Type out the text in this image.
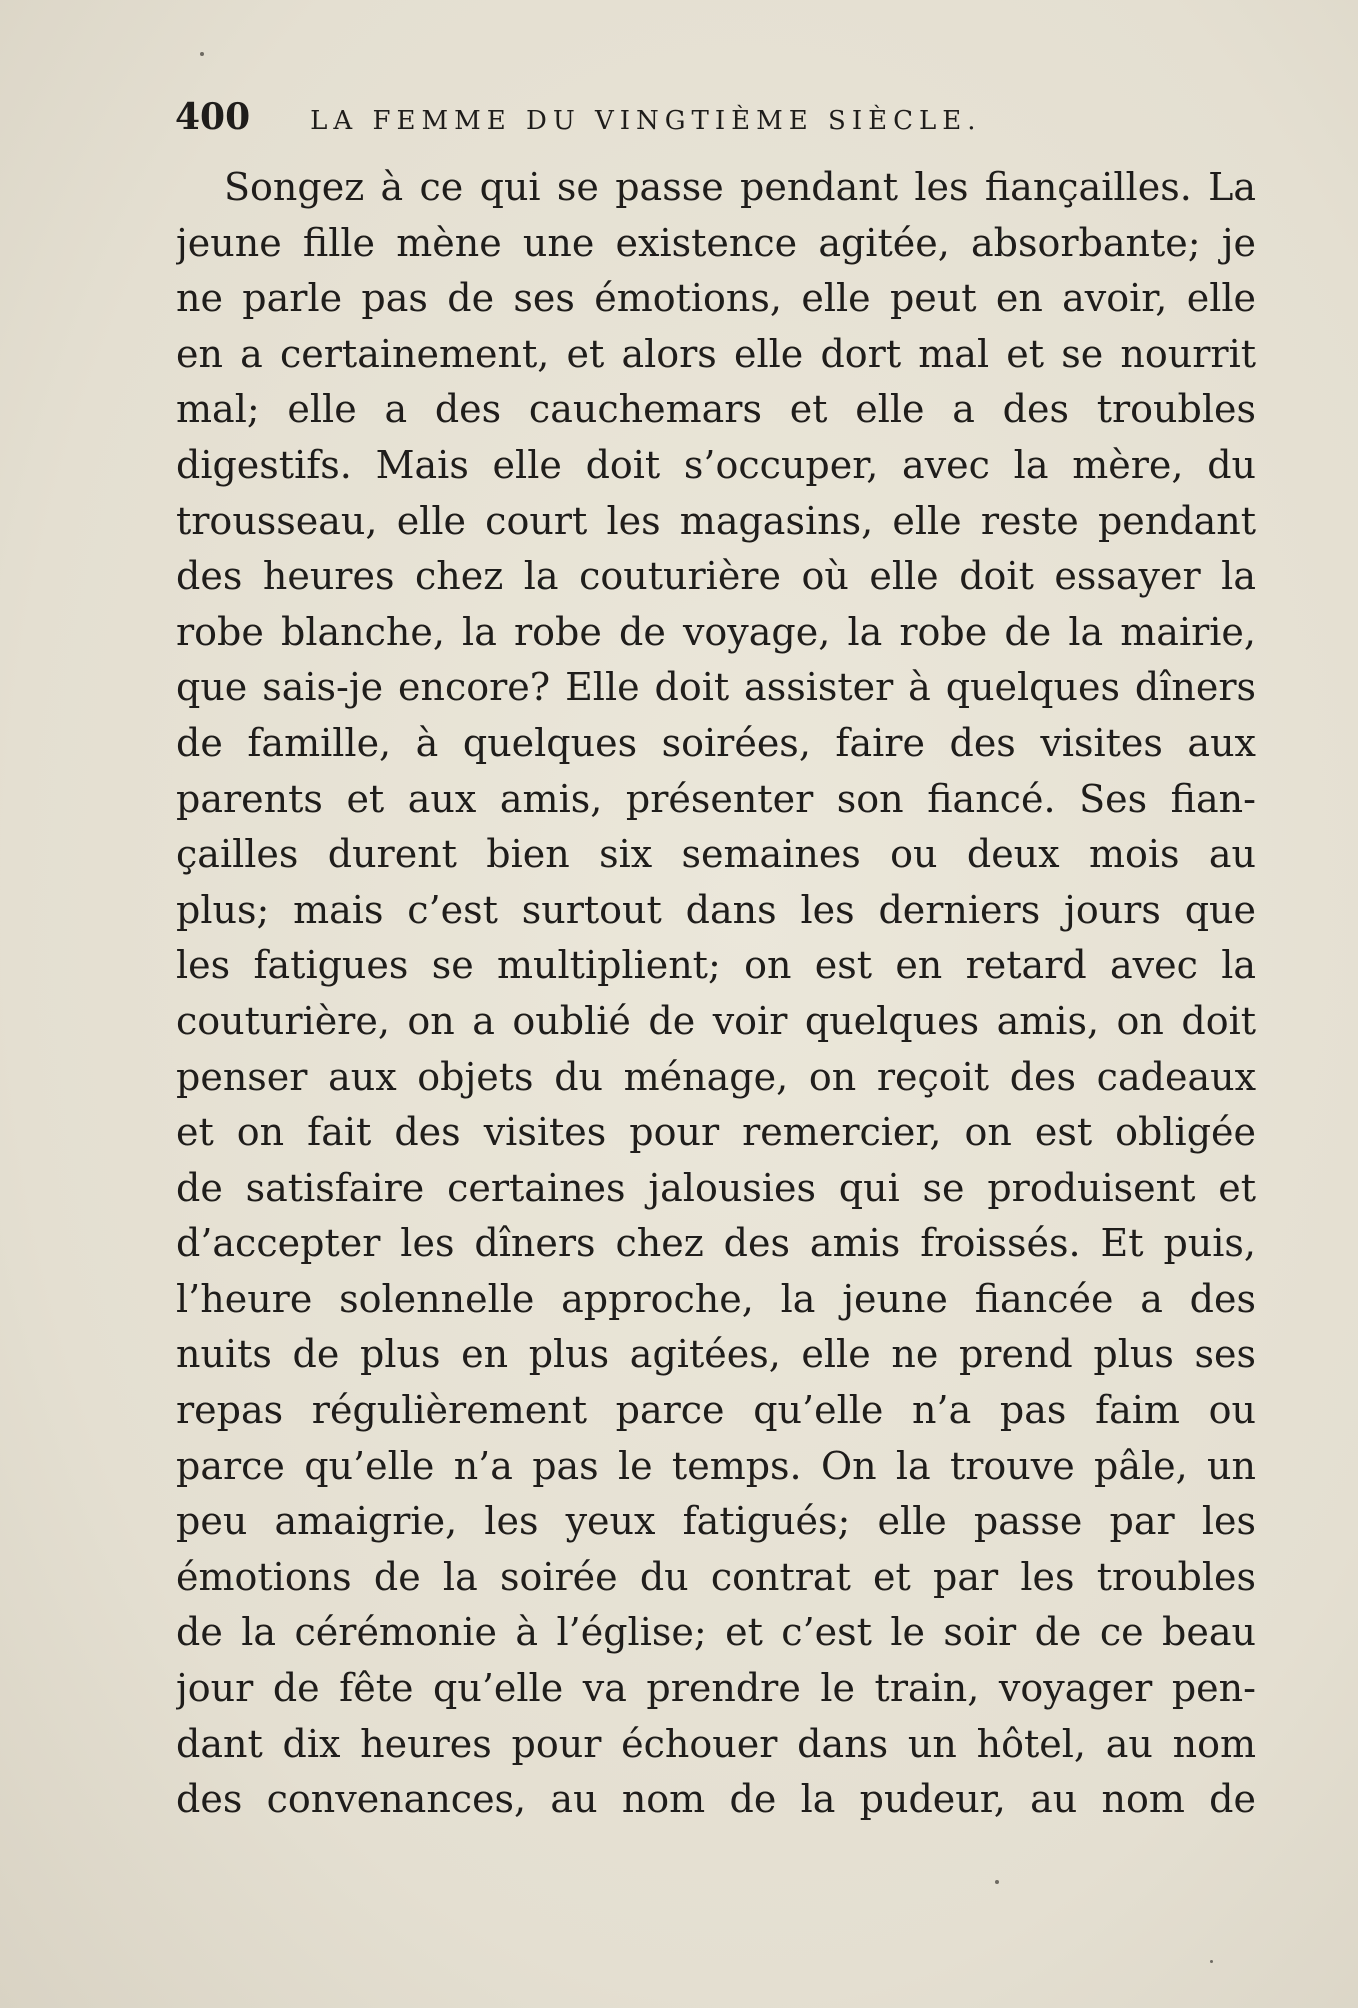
400 LA FEMME DU VINGTIÈME SIÈCLE.
Songez à ce qui se passe pendant les fiançailles. La
jeune fille mène une existence agitée, absorbante; je
ne parle pas de ses émotions, elle peut en avoir, elle
en a certainement, et alors elle dort mal et se nourrit
mal; elle a des cauchemars et elle a des troubles
digestifs. Mais elle doit s’occuper, avec la mère, du
trousseau, elle court les magasins, elle reste pendant
des heures chez la couturière où elle doit essayer la
robe blanche, la robe de voyage, la robe de la mairie,
que sais-je encore? Elle doit assister à quelques dîners
de famille, à quelques soirées, faire des visites aux
parents et aux amis, présenter son fiancé. Ses fian-
çailles durent bien six semaines ou deux mois au
plus; mais c’est surtout dans les derniers jours que
les fatigues se multiplient; on est en retard avec la
couturière, on a oublié de voir quelques amis, on doit
penser aux objets du ménage, on reçoit des cadeaux
et on fait des visites pour remercier, on est obligée
de satisfaire certaines jalousies qui se produisent et
d’accepter les dîners chez des amis froissés. Et puis,
l’heure solennelle approche, la jeune fiancée a des
nuits de plus en plus agitées, elle ne prend plus ses
repas régulièrement parce qu’elle n’a pas faim ou
parce qu’elle n’a pas le temps. On la trouve pâle, un
peu amaigrie, les yeux fatigués; elle passe par les
émotions de la soirée du contrat et par les troubles
de la cérémonie à l’église; et c’est le soir de ce beau
jour de fête qu’elle va prendre le train, voyager pen-
dant dix heures pour échouer dans un hôtel, au nom
des convenances, au nom de la pudeur, au nom de
